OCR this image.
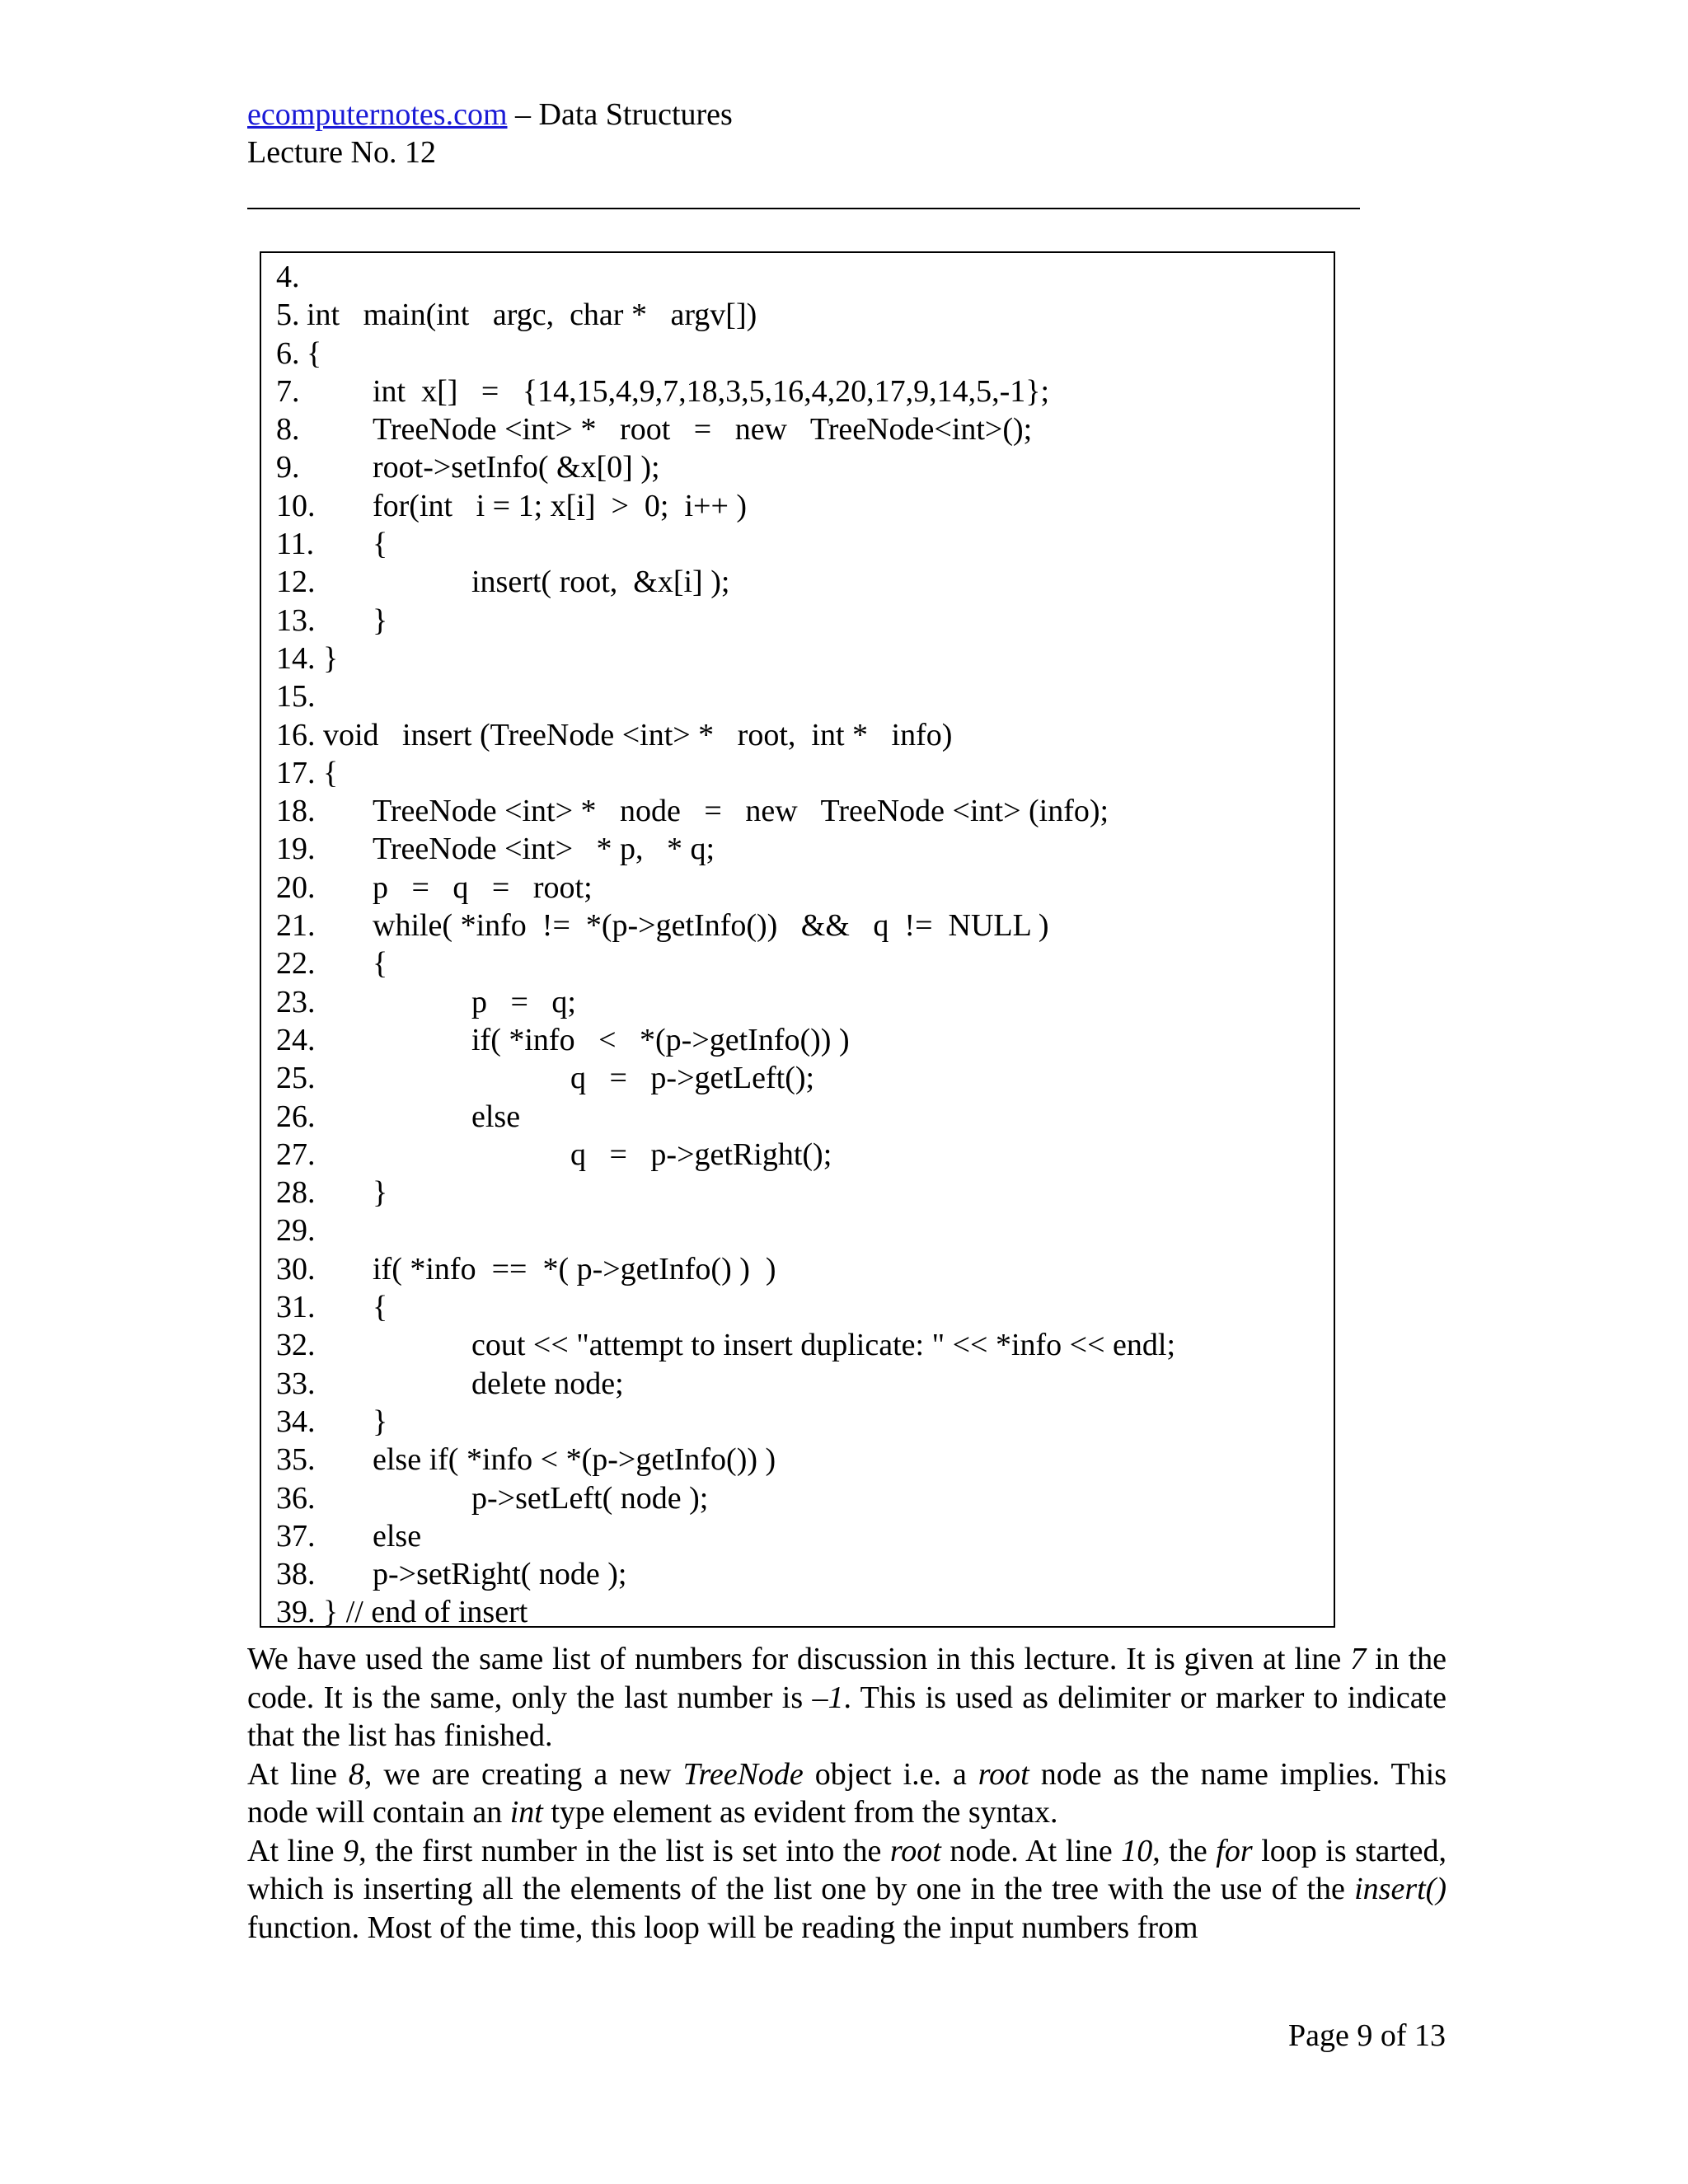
ecomputernotes.com – Data Structures
Lecture No. 12
4.
5. int   main(int   argc,  char *   argv[])
6. {
7. int  x[]   =   {14,15,4,9,7,18,3,5,16,4,20,17,9,14,5,-1};
8. TreeNode <int> *   root   =   new   TreeNode<int>();
9. root->setInfo( &x[0] );
10. for(int   i = 1; x[i]  >  0;  i++ )
11. {
12.	insert( root,  &x[i] );
13. }
14. }
15.
16. void   insert (TreeNode <int> *   root,  int *   info)
17. {
18. TreeNode <int> *   node   =   new   TreeNode <int> (info);
19. TreeNode <int>   * p,   * q;
20. p   =   q   =   root;
21. while( *info  !=  *(p->getInfo())   &&   q  !=  NULL )
22. {
23.	p   =   q;
24.	if( *info   <   *(p->getInfo()) )
25.	q   =   p->getLeft();
26.	else
27.	q   =   p->getRight();
28. }
29.
30. if( *info  ==  *( p->getInfo() )  )
31. {
32.	cout << "attempt to insert duplicate: " << *info << endl;
33.	delete node;
34. }
35. else if( *info < *(p->getInfo()) )
36.	p->setLeft( node );
37. else
38. p->setRight( node );
39. } // end of insert

We have used the same list of numbers for discussion in this lecture. It is given at line 7 in the code. It is the same, only the last number is –1. This is used as delimiter or marker to indicate that the list has finished.

At line 8, we are creating a new TreeNode object i.e. a root node as the name implies. This node will contain an int type element as evident from the syntax.

At line 9, the first number in the list is set into the root node. At line 10, the for loop is started, which is inserting all the elements of the list one by one in the tree with the use of the insert() function. Most of the time, this loop will be reading the input numbers from

Page 9 of 13
